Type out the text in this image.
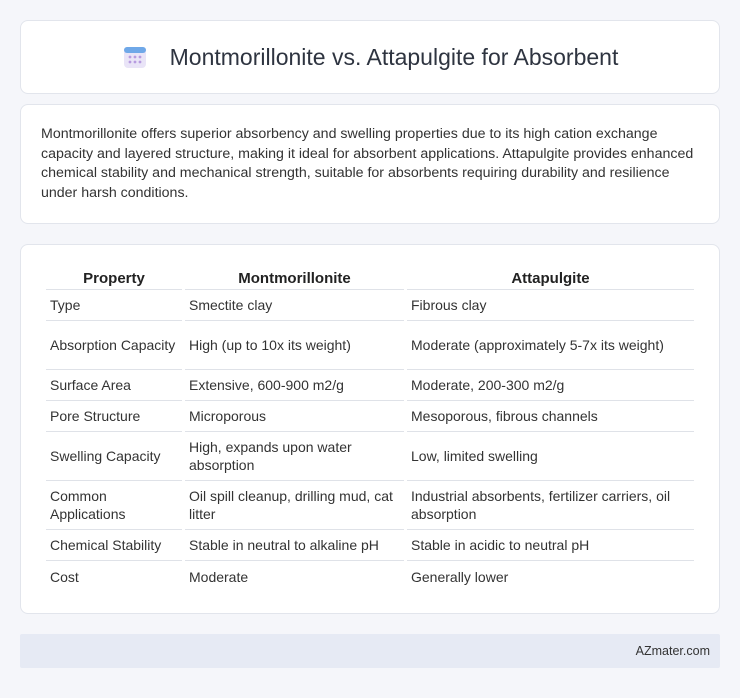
Montmorillonite vs. Attapulgite for Absorbent

Montmorillonite offers superior absorbency and swelling properties due to its high cation exchange capacity and layered structure, making it ideal for absorbent applications. Attapulgite provides enhanced chemical stability and mechanical strength, suitable for absorbents requiring durability and resilience under harsh conditions.

Property	Montmorillonite	Attapulgite
Type	Smectite clay	Fibrous clay
Absorption Capacity	High (up to 10x its weight)	Moderate (approximately 5-7x its weight)
Surface Area	Extensive, 600-900 m2/g	Moderate, 200-300 m2/g
Pore Structure	Microporous	Mesoporous, fibrous channels
Swelling Capacity	High, expands upon water absorption	Low, limited swelling
Common Applications	Oil spill cleanup, drilling mud, cat litter	Industrial absorbents, fertilizer carriers, oil absorption
Chemical Stability	Stable in neutral to alkaline pH	Stable in acidic to neutral pH
Cost	Moderate	Generally lower
AZmater.com
